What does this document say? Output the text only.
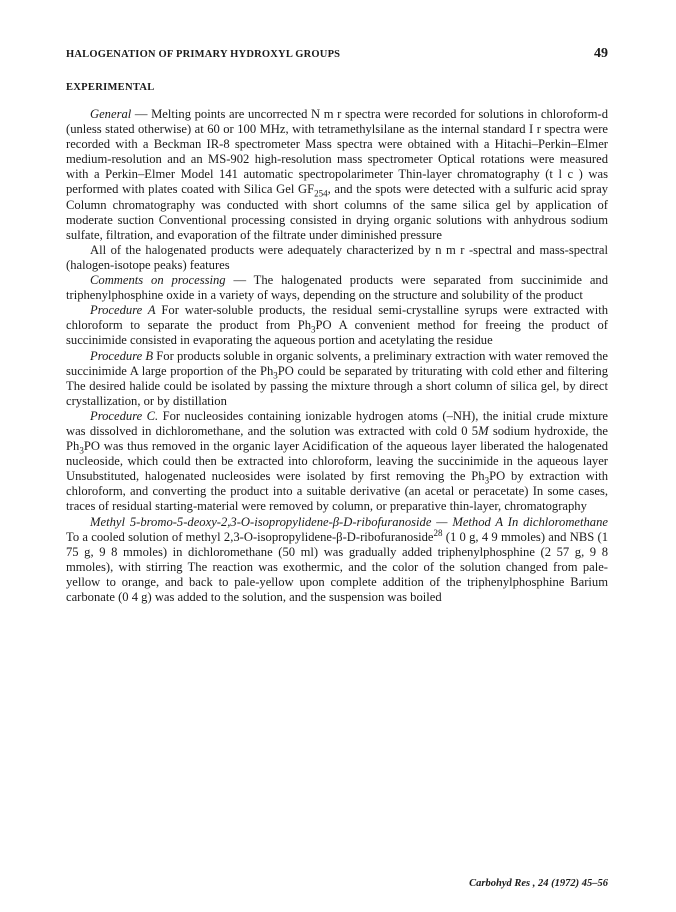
HALOGENATION OF PRIMARY HYDROXYL GROUPS	49
EXPERIMENTAL

General — Melting points are uncorrected N m r spectra were recorded for solutions in chloroform-d (unless stated otherwise) at 60 or 100 MHz, with tetramethylsilane as the internal standard I r spectra were recorded with a Beckman IR-8 spectrometer Mass spectra were obtained with a Hitachi–Perkin–Elmer medium-resolution and an MS-902 high-resolution mass spectrometer Optical rotations were measured with a Perkin–Elmer Model 141 automatic spectropolarimeter Thin-layer chromatography (t l c ) was performed with plates coated with Silica Gel $GF_{254}$, and the spots were detected with a sulfuric acid spray Column chromatography was conducted with short columns of the same silica gel by application of moderate suction Conventional processing consisted in drying organic solutions with anhydrous sodium sulfate, filtration, and evaporation of the filtrate under diminished pressure

All of the halogenated products were adequately characterized by n m r -spectral and mass-spectral (halogen-isotope peaks) features

Comments on processing — The halogenated products were separated from succinimide and triphenylphosphine oxide in a variety of ways, depending on the structure and solubility of the product

Procedure A For water-soluble products, the residual semi-crystalline syrups were extracted with chloroform to separate the product from $Ph_3PO$ A convenient method for freeing the product of succinimide consisted in evaporating the aqueous portion and acetylating the residue

Procedure B For products soluble in organic solvents, a preliminary extraction with water removed the succinimide A large proportion of the $Ph_3PO$ could be separated by triturating with cold ether and filtering The desired halide could be isolated by passing the mixture through a short column of silica gel, by direct crystallization, or by distillation

Procedure C. For nucleosides containing ionizable hydrogen atoms (–NH), the initial crude mixture was dissolved in dichloromethane, and the solution was extracted with cold 0 5M sodium hydroxide, the $Ph_3PO$ was thus removed in the organic layer Acidification of the aqueous layer liberated the halogenated nucleoside, which could then be extracted into chloroform, leaving the succinimide in the aqueous layer Unsubstituted, halogenated nucleosides were isolated by first removing the $Ph_3PO$ by extraction with chloroform, and converting the product into a suitable derivative (an acetal or peracetate) In some cases, traces of residual starting-material were removed by column, or preparative thin-layer, chromatography

Methyl 5-bromo-5-deoxy-2,3-O-isopropylidene-β-D-ribofuranoside — Method A In dichloromethane To a cooled solution of methyl 2,3-O-isopropylidene-β-D-ribofuranoside$^{28}$ (1 0 g, 4 9 mmoles) and NBS (1 75 g, 9 8 mmoles) in dichloromethane (50 ml) was gradually added triphenylphosphine (2 57 g, 9 8 mmoles), with stirring The reaction was exothermic, and the color of the solution changed from pale-yellow to orange, and back to pale-yellow upon complete addition of the triphenylphosphine Barium carbonate (0 4 g) was added to the solution, and the suspension was boiled

Carbohyd Res , 24 (1972) 45–56
